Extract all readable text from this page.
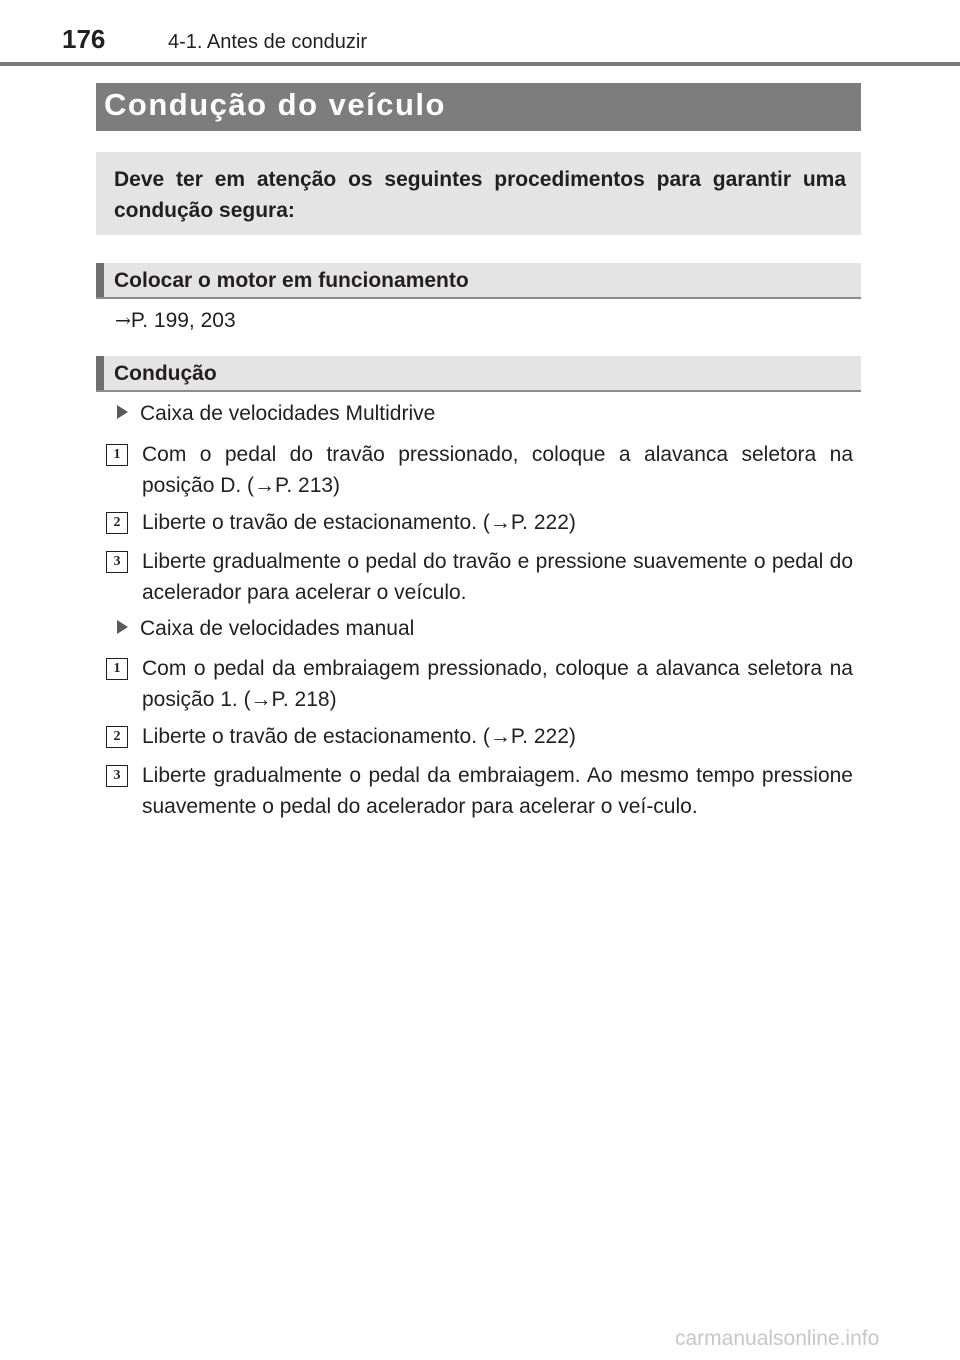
176	4-1. Antes de conduzir
Condução do veículo

Deve ter em atenção os seguintes procedimentos para garantir uma condução segura:

Colocar o motor em funcionamento
→P. 199, 203
Condução
Caixa de velocidades Multidrive
1	Com o pedal do travão pressionado, coloque a alavanca seletora na posição D. (→P. 213)
2	Liberte o travão de estacionamento. (→P. 222)
3	Liberte gradualmente o pedal do travão e pressione suavemente o pedal do acelerador para acelerar o veículo.
Caixa de velocidades manual
1	Com o pedal da embraiagem pressionado, coloque a alavanca seletora na posição 1. (→P. 218)
2	Liberte o travão de estacionamento. (→P. 222)
3	Liberte gradualmente o pedal da embraiagem. Ao mesmo tempo pressione suavemente o pedal do acelerador para acelerar o veí-culo.
carmanualsonline.info
